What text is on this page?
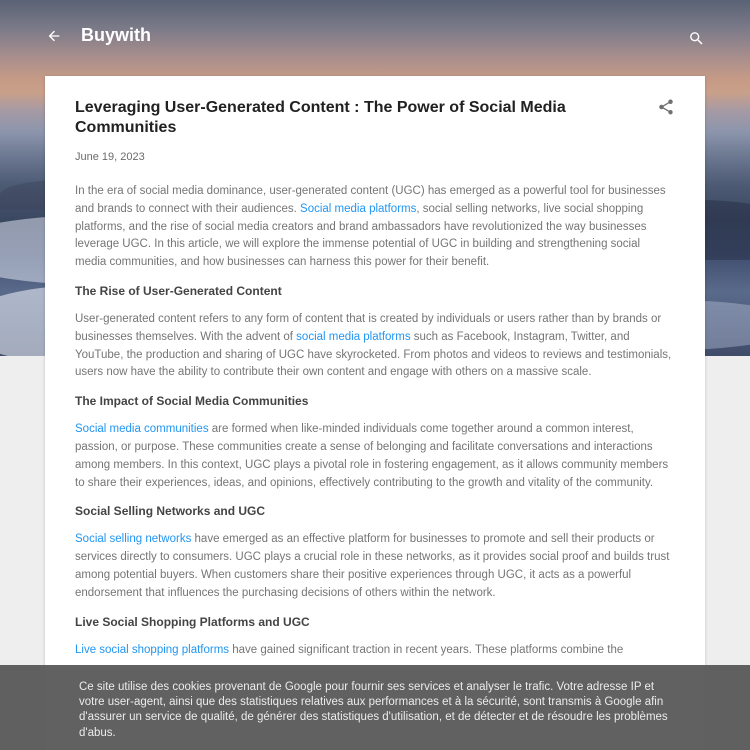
Buywith
Leveraging User-Generated Content : The Power of Social Media Communities
June 19, 2023

In the era of social media dominance, user-generated content (UGC) has emerged as a powerful tool for businesses and brands to connect with their audiences. Social media platforms, social selling networks, live social shopping platforms, and the rise of social media creators and brand ambassadors have revolutionized the way businesses leverage UGC. In this article, we will explore the immense potential of UGC in building and strengthening social media communities, and how businesses can harness this power for their benefit.

The Rise of User-Generated Content

User-generated content refers to any form of content that is created by individuals or users rather than by brands or businesses themselves. With the advent of social media platforms such as Facebook, Instagram, Twitter, and YouTube, the production and sharing of UGC have skyrocketed. From photos and videos to reviews and testimonials, users now have the ability to contribute their own content and engage with others on a massive scale.

The Impact of Social Media Communities

Social media communities are formed when like-minded individuals come together around a common interest, passion, or purpose. These communities create a sense of belonging and facilitate conversations and interactions among members. In this context, UGC plays a pivotal role in fostering engagement, as it allows community members to share their experiences, ideas, and opinions, effectively contributing to the growth and vitality of the community.

Social Selling Networks and UGC

Social selling networks have emerged as an effective platform for businesses to promote and sell their products or services directly to consumers. UGC plays a crucial role in these networks, as it provides social proof and builds trust among potential buyers. When customers share their positive experiences through UGC, it acts as a powerful endorsement that influences the purchasing decisions of others within the network.

Live Social Shopping Platforms and UGC

Live social shopping platforms have gained significant traction in recent years. These platforms combine the

Ce site utilise des cookies provenant de Google pour fournir ses services et analyser le trafic. Votre adresse IP et votre user-agent, ainsi que des statistiques relatives aux performances et à la sécurité, sont transmis à Google afin d'assurer un service de qualité, de générer des statistiques d'utilisation, et de détecter et de résoudre les problèmes d'abus.
